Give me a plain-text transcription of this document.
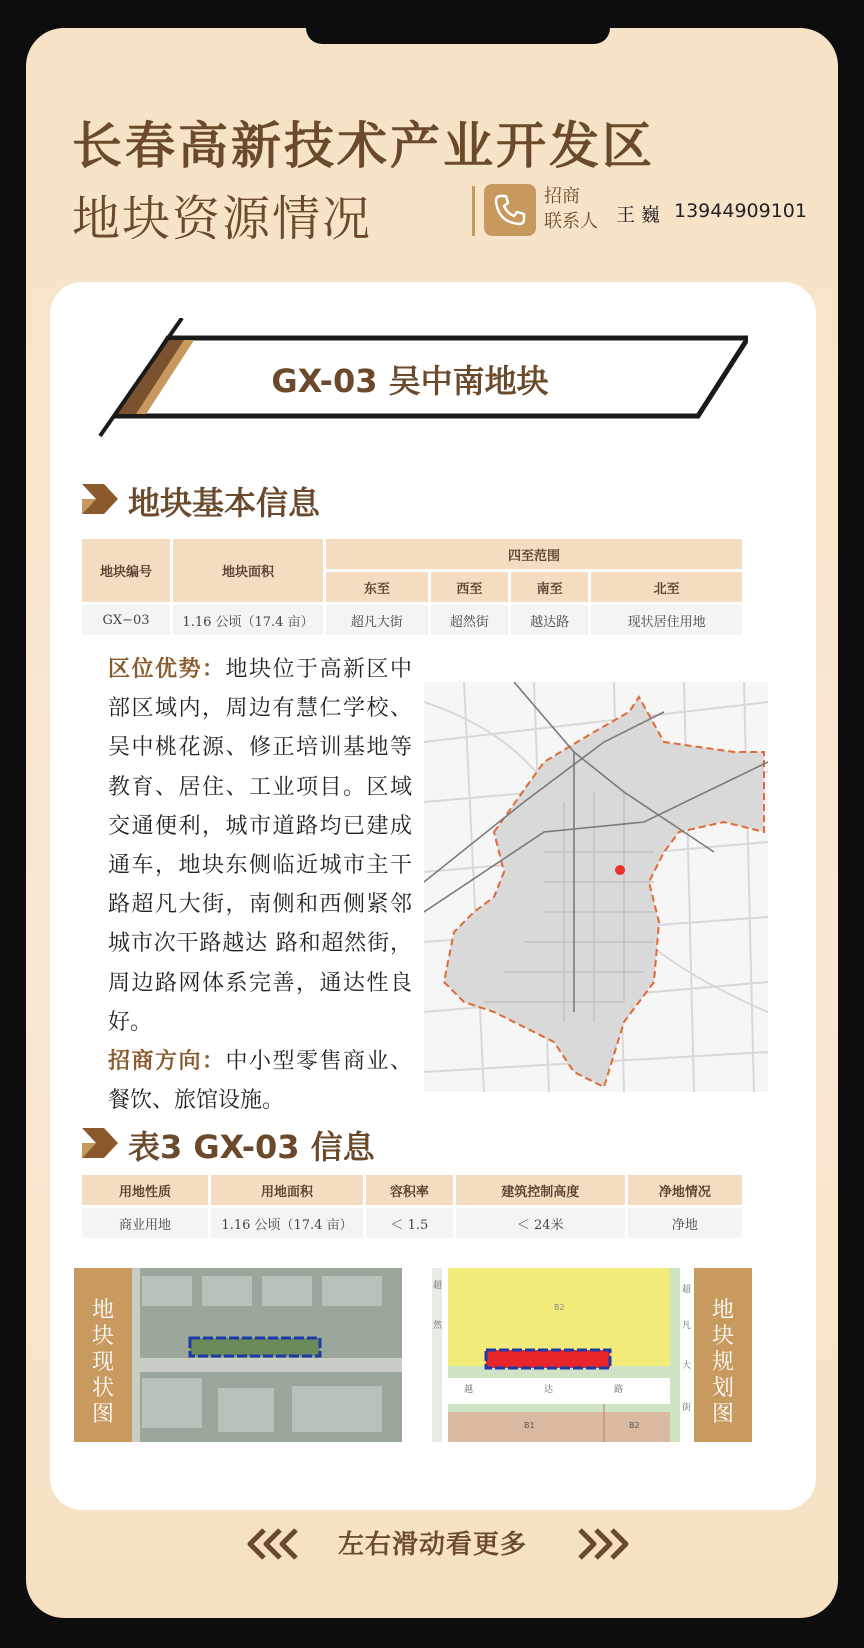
长春高新技术产业开发区
地块资源情况	招商
联系人 王 巍 13944909101
GX-03 吴中南地块
地块基本信息
地块编号	地块面积	四至范围			
		东至	西至	南至	北至
GX−03	1.16 公顷（17.4 亩）	超凡大街	超然街	越达路	现状居住用地
区位优势：地块位于高新区中部区域内，周边有慧仁学校、吴中桃花源、修正培训基地等教育、居住、工业项目。区域交通便利，城市道路均已建成通车，地块东侧临近城市主干路超凡大街，南侧和西侧紧邻城市次干路越达 路和超然街，周边路网体系完善，通达性良好。
招商方向：中小型零售商业、餐饮、旅馆设施。
表3 GX-03 信息
用地性质	用地面积	容积率	建筑控制高度	净地情况
商业用地	1.16 公顷（17.4 亩）	＜ 1.5	＜ 24米	净地
地
块
现
状
图
B2
B1	B2
超
然
超
凡
大
街
越	达	路
地
块
规
划
图
左右滑动看更多
